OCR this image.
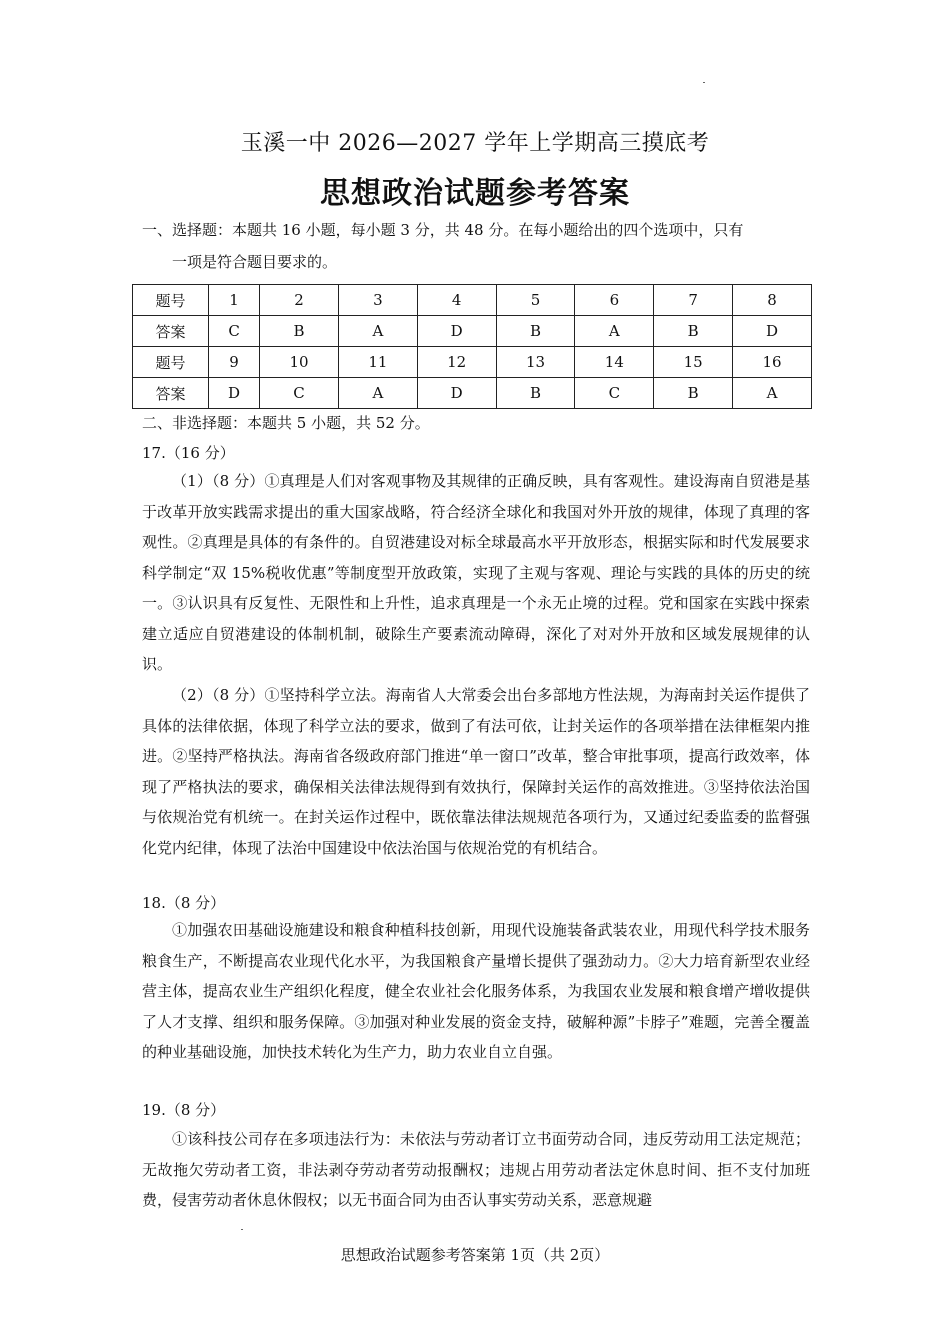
玉溪一中 2026—2027 学年上学期高三摸底考
思想政治试题参考答案
一、选择题：本题共 16 小题，每小题 3 分，共 48 分。在每小题给出的四个选项中，只有
一项是符合题目要求的。
题号	1	2	3	4	5	6	7	8
答案	C	B	A	D	B	A	B	D
题号	9	10	11	12	13	14	15	16
答案	D	C	A	D	B	C	B	A
二、非选择题：本题共 5 小题，共 52 分。
17.（16 分）

（1）（8 分）①真理是人们对客观事物及其规律的正确反映，具有客观性。建设海南自贸港是基于改革开放实践需求提出的重大国家战略，符合经济全球化和我国对外开放的规律，体现了真理的客观性。②真理是具体的有条件的。自贸港建设对标全球最高水平开放形态，根据实际和时代发展要求科学制定“双 15%税收优惠”等制度型开放政策，实现了主观与客观、理论与实践的具体的历史的统一。③认识具有反复性、无限性和上升性，追求真理是一个永无止境的过程。党和国家在实践中探索建立适应自贸港建设的体制机制，破除生产要素流动障碍，深化了对对外开放和区域发展规律的认识。

（2）（8 分）①坚持科学立法。海南省人大常委会出台多部地方性法规，为海南封关运作提供了具体的法律依据，体现了科学立法的要求，做到了有法可依，让封关运作的各项举措在法律框架内推进。②坚持严格执法。海南省各级政府部门推进“单一窗口”改革，整合审批事项，提高行政效率，体现了严格执法的要求，确保相关法律法规得到有效执行，保障封关运作的高效推进。③坚持依法治国与依规治党有机统一。在封关运作过程中，既依靠法律法规规范各项行为，又通过纪委监委的监督强化党内纪律，体现了法治中国建设中依法治国与依规治党的有机结合。

18.（8 分）

①加强农田基础设施建设和粮食种植科技创新，用现代设施装备武装农业，用现代科学技术服务粮食生产，不断提高农业现代化水平，为我国粮食产量增长提供了强劲动力。②大力培育新型农业经营主体，提高农业生产组织化程度，健全农业社会化服务体系，为我国农业发展和粮食增产增收提供了人才支撑、组织和服务保障。③加强对种业发展的资金支持，破解种源”卡脖子”难题，完善全覆盖的种业基础设施，加快技术转化为生产力，助力农业自立自强。

19.（8 分）

①该科技公司存在多项违法行为：未依法与劳动者订立书面劳动合同，违反劳动用工法定规范；无故拖欠劳动者工资，非法剥夺劳动者劳动报酬权；违规占用劳动者法定休息时间、拒不支付加班费，侵害劳动者休息休假权；以无书面合同为由否认事实劳动关系，恶意规避

思想政治试题参考答案第 1页（共 2页）
